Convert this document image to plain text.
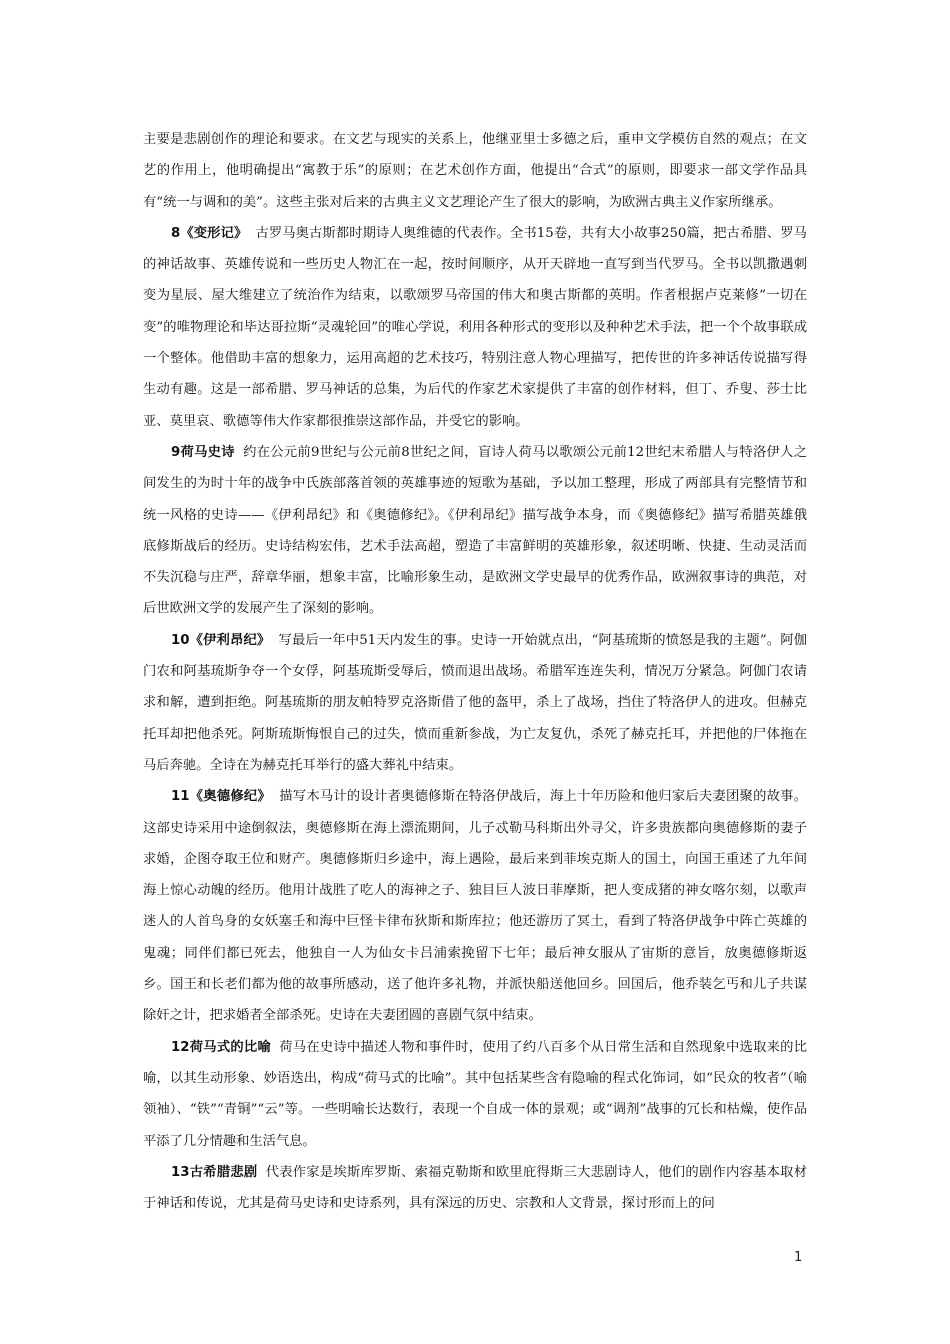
主要是悲剧创作的理论和要求。在文艺与现实的关系上，他继亚里士多德之后，重申文学模仿自然的观点；在文艺的作用上，他明确提出“寓教于乐”的原则；在艺术创作方面，他提出“合式”的原则，即要求一部文学作品具有“统一与调和的美”。这些主张对后来的古典主义文艺理论产生了很大的影响，为欧洲古典主义作家所继承。

8《变形记》 古罗马奥古斯都时期诗人奥维德的代表作。全书15卷，共有大小故事250篇，把古希腊、罗马的神话故事、英雄传说和一些历史人物汇在一起，按时间顺序，从开天辟地一直写到当代罗马。全书以凯撒遇刺变为星辰、屋大维建立了统治作为结束，以歌颂罗马帝国的伟大和奥古斯都的英明。作者根据卢克莱修“一切在变”的唯物理论和毕达哥拉斯“灵魂轮回”的唯心学说，利用各种形式的变形以及种种艺术手法，把一个个故事联成一个整体。他借助丰富的想象力，运用高超的艺术技巧，特别注意人物心理描写，把传世的许多神话传说描写得生动有趣。这是一部希腊、罗马神话的总集，为后代的作家艺术家提供了丰富的创作材料，但丁、乔叟、莎士比亚、莫里哀、歌德等伟大作家都很推崇这部作品，并受它的影响。

9荷马史诗 约在公元前9世纪与公元前8世纪之间，盲诗人荷马以歌颂公元前12世纪末希腊人与特洛伊人之间发生的为时十年的战争中氏族部落首领的英雄事迹的短歌为基础，予以加工整理，形成了两部具有完整情节和统一风格的史诗——《伊利昂纪》和《奥德修纪》。《伊利昂纪》描写战争本身，而《奥德修纪》描写希腊英雄俄底修斯战后的经历。史诗结构宏伟，艺术手法高超，塑造了丰富鲜明的英雄形象，叙述明晰、快捷、生动灵活而不失沉稳与庄严，辞章华丽，想象丰富，比喻形象生动，是欧洲文学史最早的优秀作品，欧洲叙事诗的典范，对后世欧洲文学的发展产生了深刻的影响。

10《伊利昂纪》 写最后一年中51天内发生的事。史诗一开始就点出，“阿基琉斯的愤怒是我的主题”。阿伽门农和阿基琉斯争夺一个女俘，阿基琉斯受辱后，愤而退出战场。希腊军连连失利，情况万分紧急。阿伽门农请求和解，遭到拒绝。阿基琉斯的朋友帕特罗克洛斯借了他的盔甲，杀上了战场，挡住了特洛伊人的进攻。但赫克托耳却把他杀死。阿斯琉斯悔恨自己的过失，愤而重新参战，为亡友复仇，杀死了赫克托耳，并把他的尸体拖在马后奔驰。全诗在为赫克托耳举行的盛大葬礼中结束。

11《奥德修纪》 描写木马计的设计者奥德修斯在特洛伊战后，海上十年历险和他归家后夫妻团聚的故事。这部史诗采用中途倒叙法，奥德修斯在海上漂流期间，儿子忒勒马科斯出外寻父，许多贵族都向奥德修斯的妻子求婚，企图夺取王位和财产。奥德修斯归乡途中，海上遇险，最后来到菲埃克斯人的国土，向国王重述了九年间海上惊心动魄的经历。他用计战胜了吃人的海神之子、独目巨人波日菲摩斯，把人变成猪的神女喀尔刻，以歌声迷人的人首鸟身的女妖塞壬和海中巨怪卡律布狄斯和斯库拉；他还游历了冥土，看到了特洛伊战争中阵亡英雄的鬼魂；同伴们都已死去，他独自一人为仙女卡吕浦索挽留下七年；最后神女服从了宙斯的意旨，放奥德修斯返乡。国王和长老们都为他的故事所感动，送了他许多礼物，并派快船送他回乡。回国后，他乔装乞丐和儿子共谋除奸之计，把求婚者全部杀死。史诗在夫妻团圆的喜剧气氛中结束。

12荷马式的比喻 荷马在史诗中描述人物和事件时，使用了约八百多个从日常生活和自然现象中选取来的比喻，以其生动形象、妙语迭出，构成“荷马式的比喻”。其中包括某些含有隐喻的程式化饰词，如“民众的牧者”（喻领袖）、“铁”“青铜”“云”等。一些明喻长达数行，表现一个自成一体的景观；或“调剂”战事的冗长和枯燥，使作品平添了几分情趣和生活气息。

13古希腊悲剧 代表作家是埃斯库罗斯、索福克勒斯和欧里庇得斯三大悲剧诗人，他们的剧作内容基本取材于神话和传说，尤其是荷马史诗和史诗系列，具有深远的历史、宗教和人文背景，探讨形而上的问

1
